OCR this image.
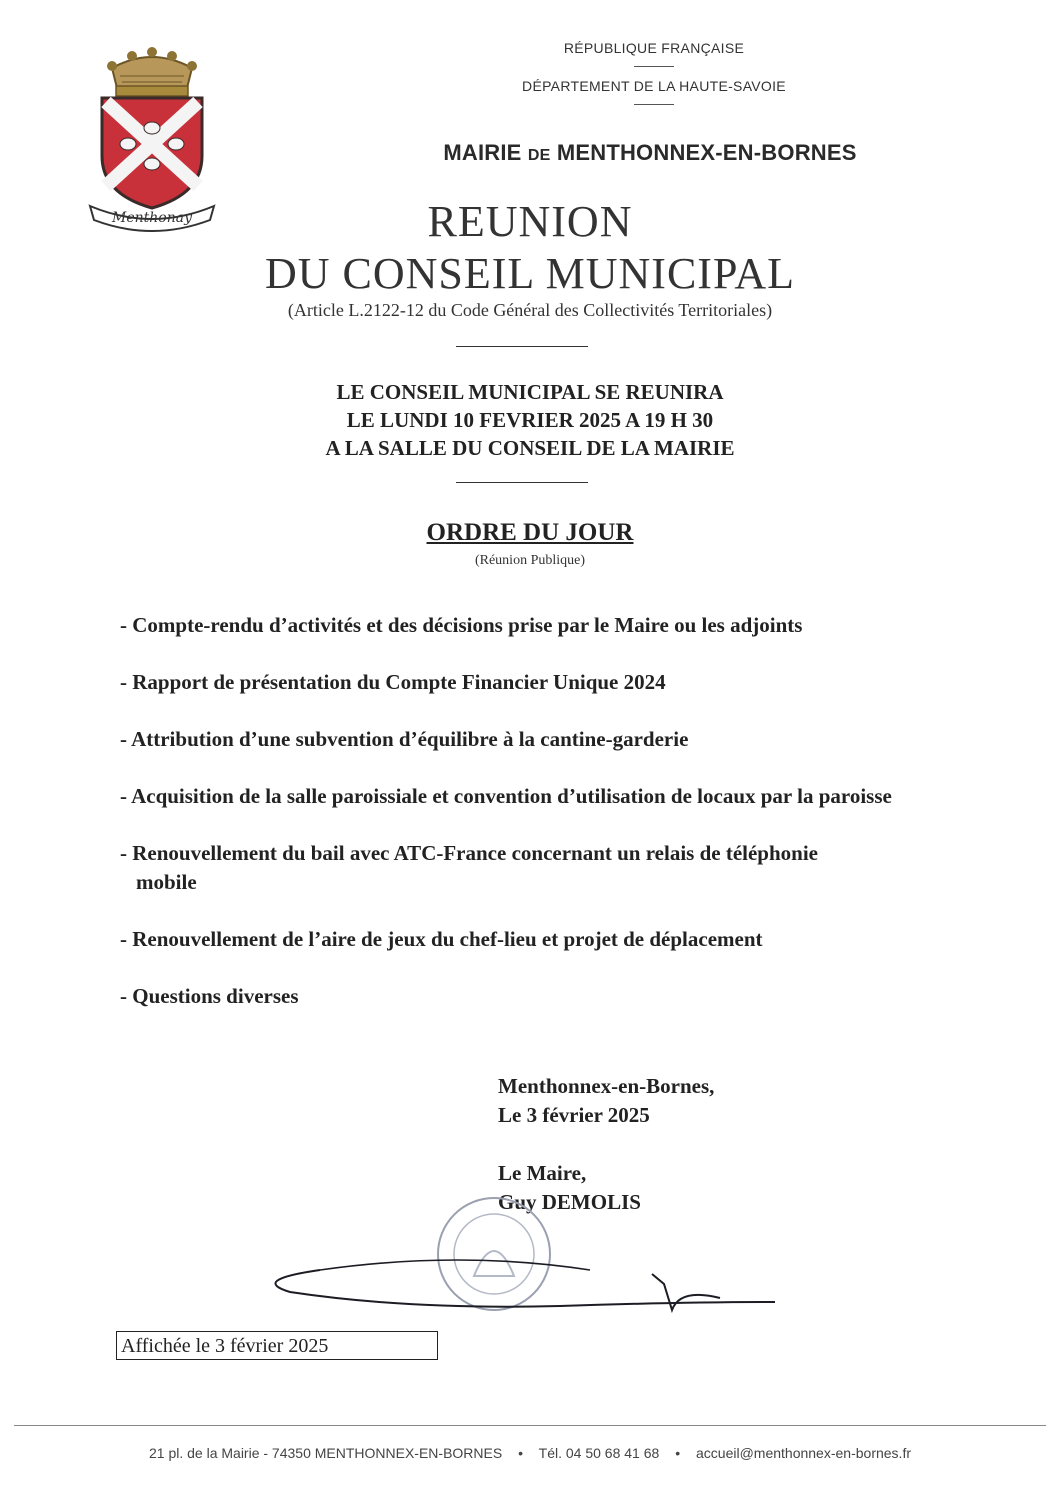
Menthonay
RÉPUBLIQUE FRANÇAISE
DÉPARTEMENT DE LA HAUTE-SAVOIE
MAIRIE DE MENTHONNEX-EN-BORNES
REUNION
DU CONSEIL MUNICIPAL
(Article L.2122-12 du Code Général des Collectivités Territoriales)
LE CONSEIL MUNICIPAL SE REUNIRA
LE LUNDI 10 FEVRIER 2025 A 19 H 30
A LA SALLE DU CONSEIL DE LA MAIRIE
ORDRE DU JOUR
(Réunion Publique)
- Compte-rendu d’activités et des décisions prise par le Maire ou les adjoints
- Rapport de présentation du Compte Financier Unique 2024
- Attribution d’une subvention d’équilibre à la cantine-garderie
- Acquisition de la salle paroissiale et convention d’utilisation de locaux par la paroisse
- Renouvellement du bail avec ATC-France concernant un relais de téléphonie mobile
- Renouvellement de l’aire de jeux du chef-lieu et projet de déplacement
- Questions diverses
Menthonnex-en-Bornes,
Le 3 février 2025
Le Maire,
Guy DEMOLIS
Affichée le 3 février 2025
21 pl. de la Mairie - 74350 MENTHONNEX-EN-BORNES • Tél. 04 50 68 41 68 • accueil@menthonnex-en-bornes.fr
